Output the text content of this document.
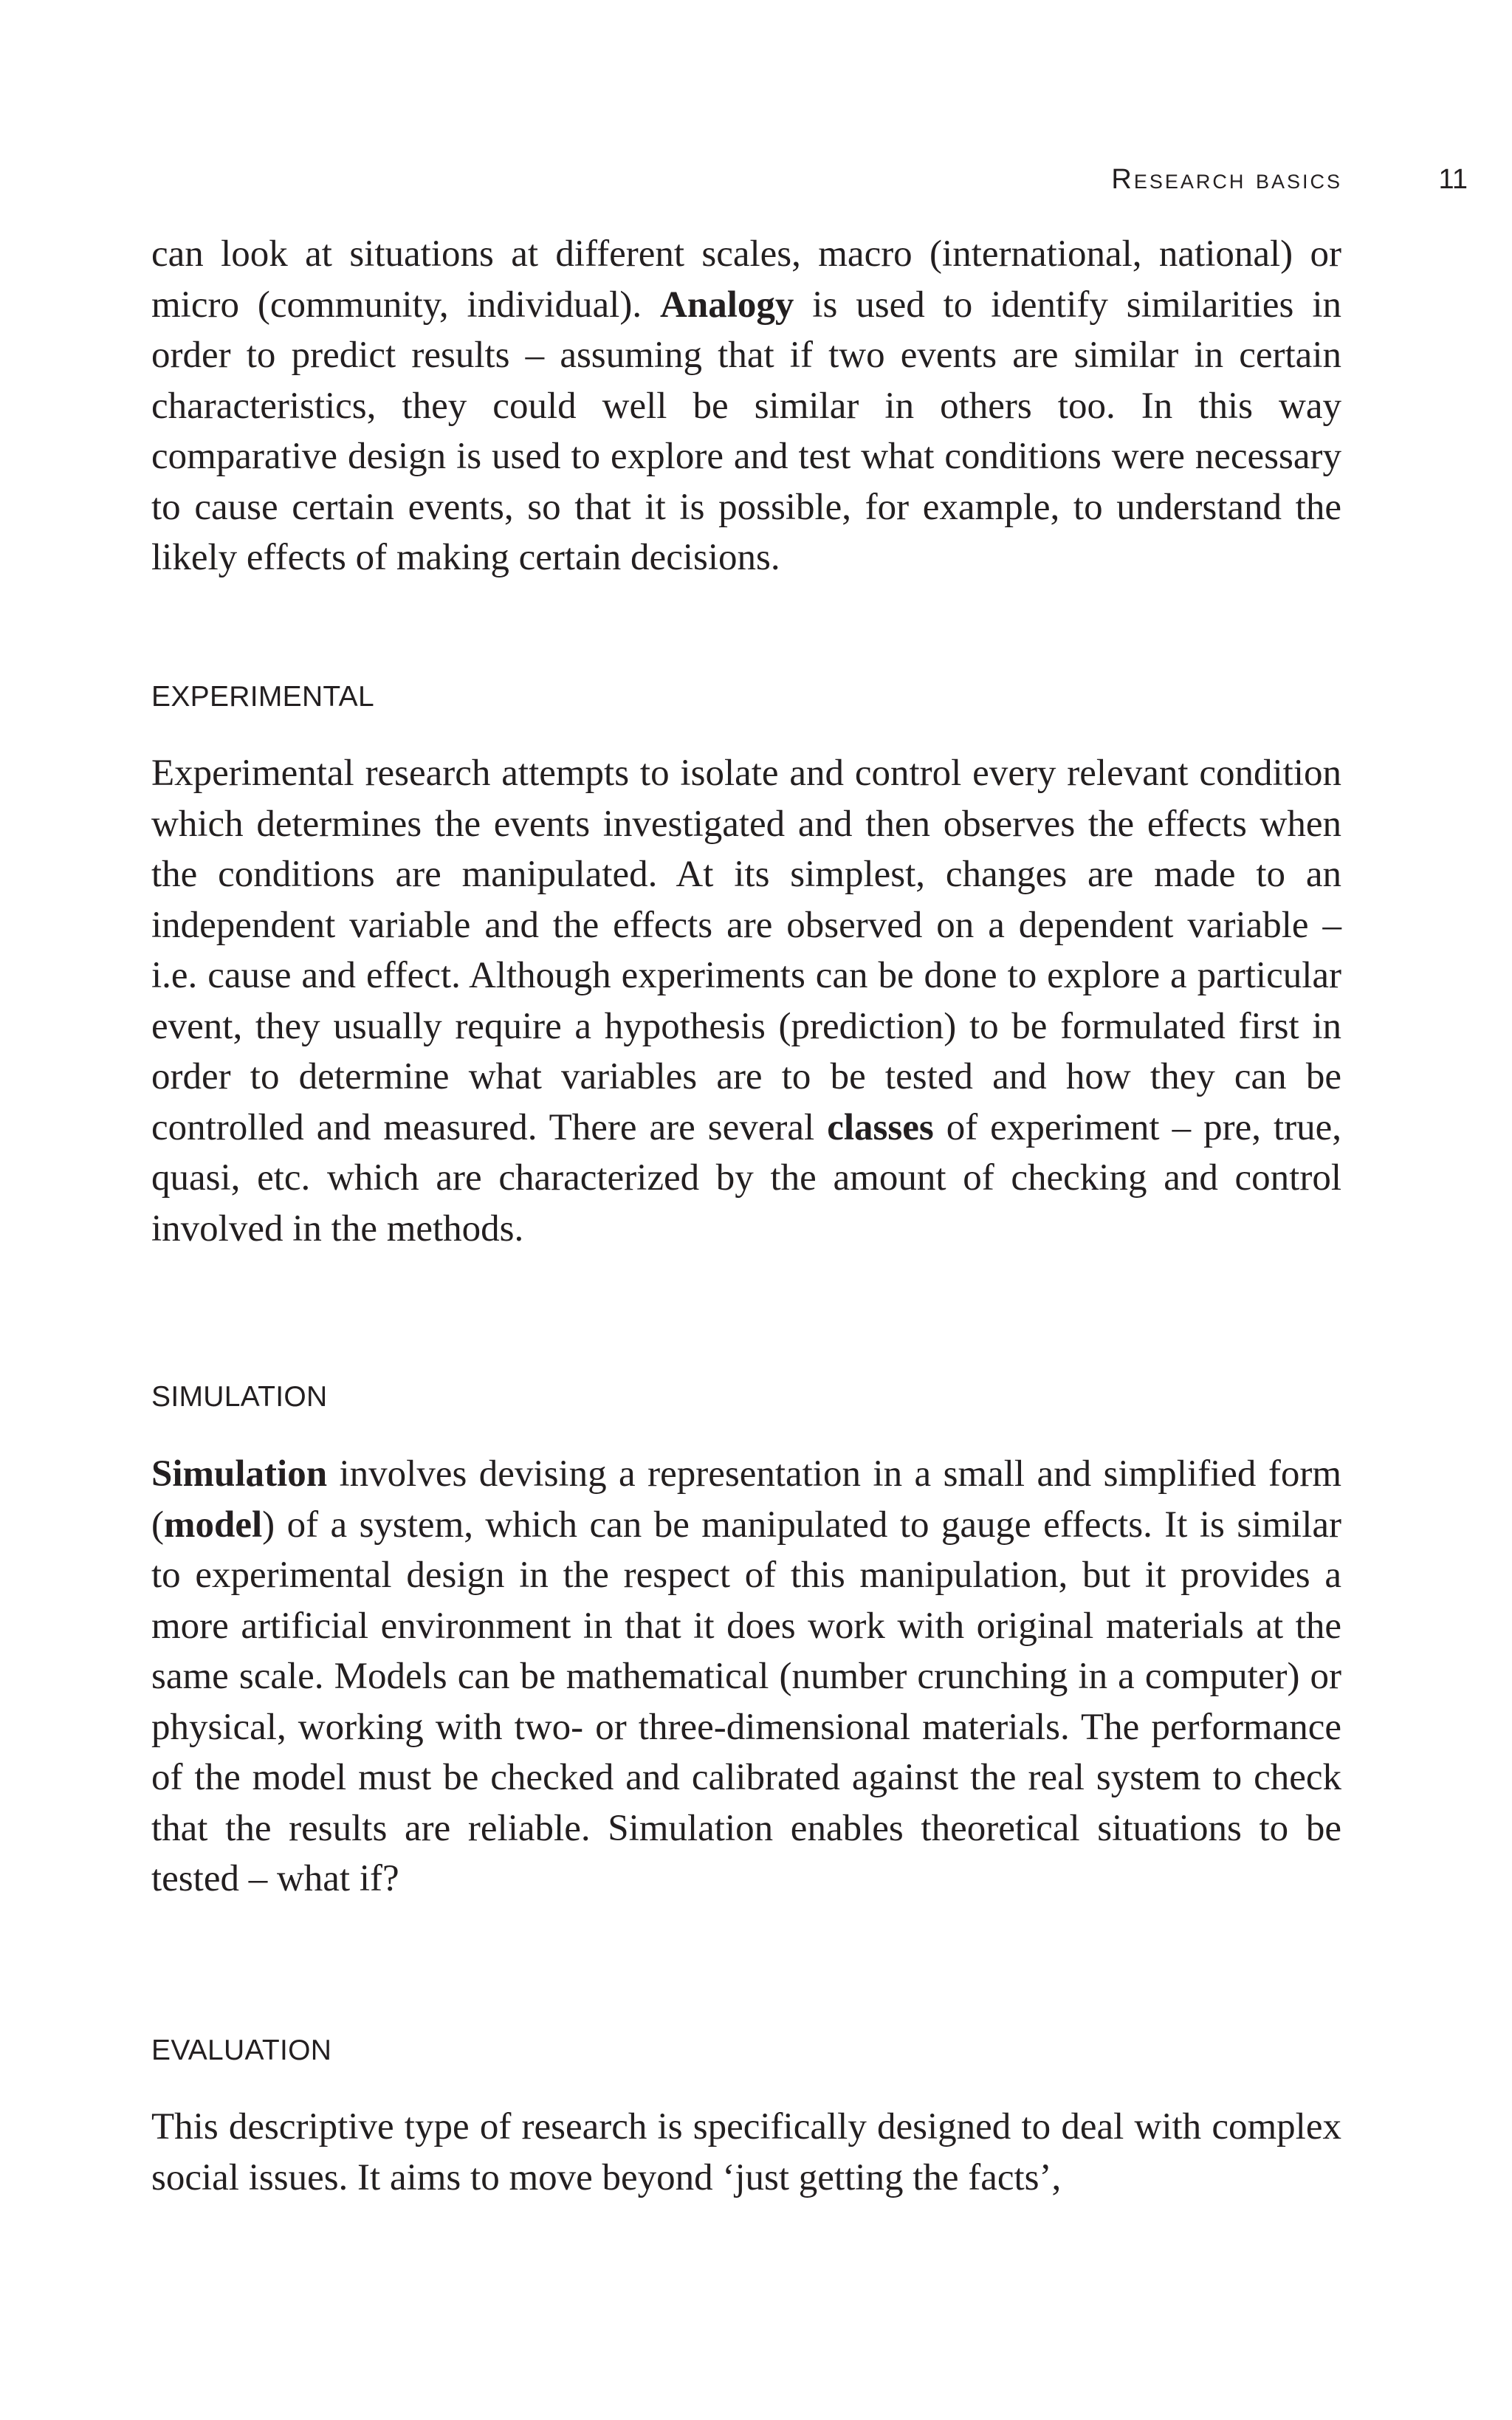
Research basics	11

can look at situations at different scales, macro (international, national) or micro (community, individual). Analogy is used to identify similarities in order to predict results – assuming that if two events are similar in certain characteristics, they could well be similar in others too. In this way comparative design is used to explore and test what conditions were necessary to cause certain events, so that it is possible, for example, to understand the likely effects of making certain decisions.

EXPERIMENTAL

Experimental research attempts to isolate and control every relevant condition which determines the events investigated and then observes the effects when the conditions are manipulated. At its simplest, changes are made to an independent variable and the effects are observed on a dependent variable – i.e. cause and effect. Although experiments can be done to explore a particular event, they usually require a hypothesis (prediction) to be formulated first in order to determine what variables are to be tested and how they can be controlled and measured. There are several classes of experiment – pre, true, quasi, etc. which are characterized by the amount of checking and control involved in the methods.

SIMULATION

Simulation involves devising a representation in a small and simplified form (model) of a system, which can be manipulated to gauge effects. It is similar to experimental design in the respect of this manipulation, but it provides a more artificial environment in that it does work with original materials at the same scale. Models can be mathematical (number crunching in a computer) or physical, working with two- or three-dimensional materials. The performance of the model must be checked and calibrated against the real system to check that the results are reliable. Simulation enables theoretical situations to be tested – what if?

EVALUATION

This descriptive type of research is specifically designed to deal with complex social issues. It aims to move beyond ‘just getting the facts’,
